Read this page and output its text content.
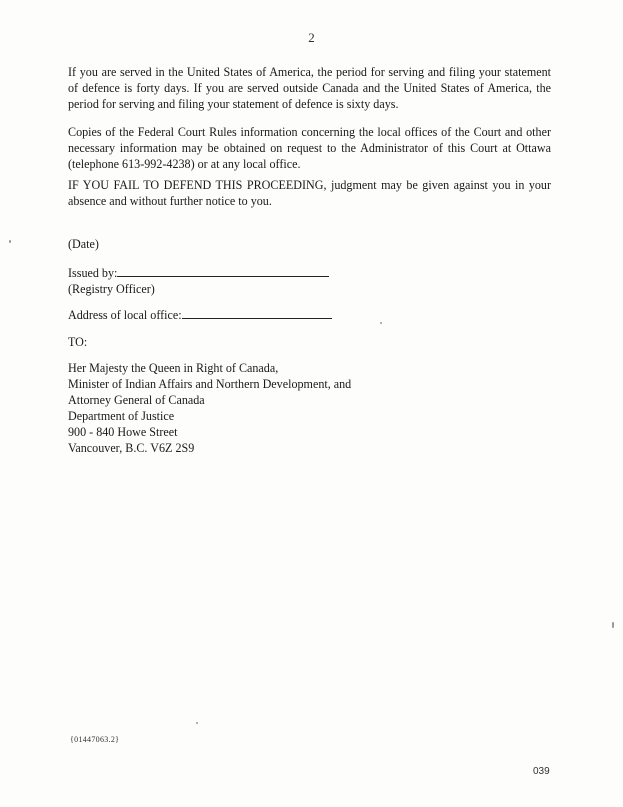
2

If you are served in the United States of America, the period for serving and filing your statement of defence is forty days. If you are served outside Canada and the United States of America, the period for serving and filing your statement of defence is sixty days.

Copies of the Federal Court Rules information concerning the local offices of the Court and other necessary information may be obtained on request to the Administrator of this Court at Ottawa (telephone 613-992-4238) or at any local office.

IF YOU FAIL TO DEFEND THIS PROCEEDING, judgment may be given against you in your absence and without further notice to you.

(Date)
Issued by:
(Registry Officer)
Address of local office:
TO:
Her Majesty the Queen in Right of Canada,
Minister of Indian Affairs and Northern Development, and
Attorney General of Canada
Department of Justice
900 - 840 Howe Street
Vancouver, B.C. V6Z 2S9
{01447063.2}
039
